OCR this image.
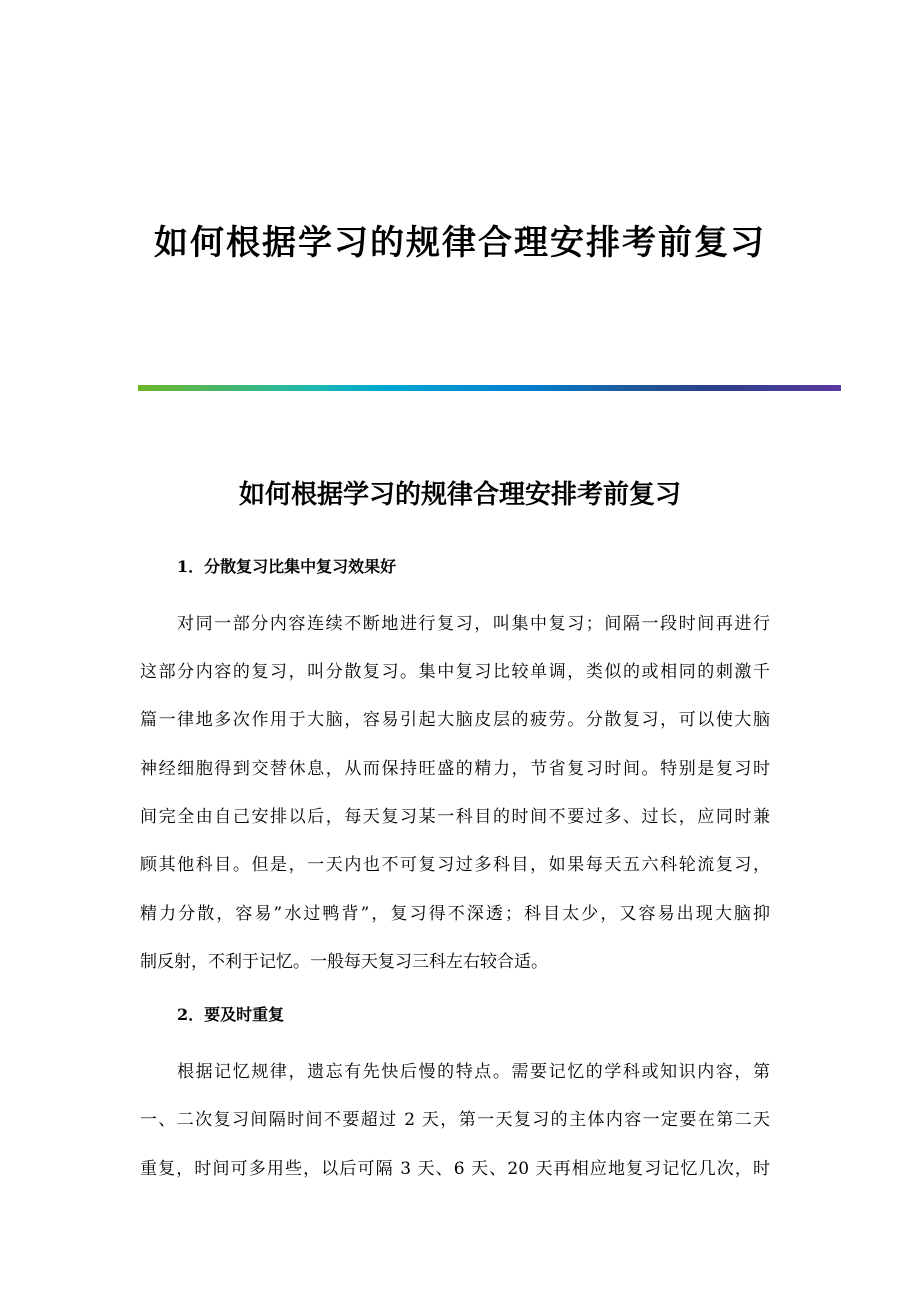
如何根据学习的规律合理安排考前复习
如何根据学习的规律合理安排考前复习
1．分散复习比集中复习效果好
对同一部分内容连续不断地进行复习，叫集中复习；间隔一段时间再进行
这部分内容的复习，叫分散复习。集中复习比较单调，类似的或相同的刺激千
篇一律地多次作用于大脑，容易引起大脑皮层的疲劳。分散复习，可以使大脑
神经细胞得到交替休息，从而保持旺盛的精力，节省复习时间。特别是复习时
间完全由自己安排以后，每天复习某一科目的时间不要过多、过长，应同时兼
顾其他科目。但是，一天内也不可复习过多科目，如果每天五六科轮流复习，
精力分散，容易”水过鸭背”，复习得不深透；科目太少，又容易出现大脑抑
制反射，不利于记忆。一般每天复习三科左右较合适。
2．要及时重复
根据记忆规律，遗忘有先快后慢的特点。需要记忆的学科或知识内容，第
一、二次复习间隔时间不要超过 2 天，第一天复习的主体内容一定要在第二天
重复，时间可多用些，以后可隔 3 天、6 天、20 天再相应地复习记忆几次，时
